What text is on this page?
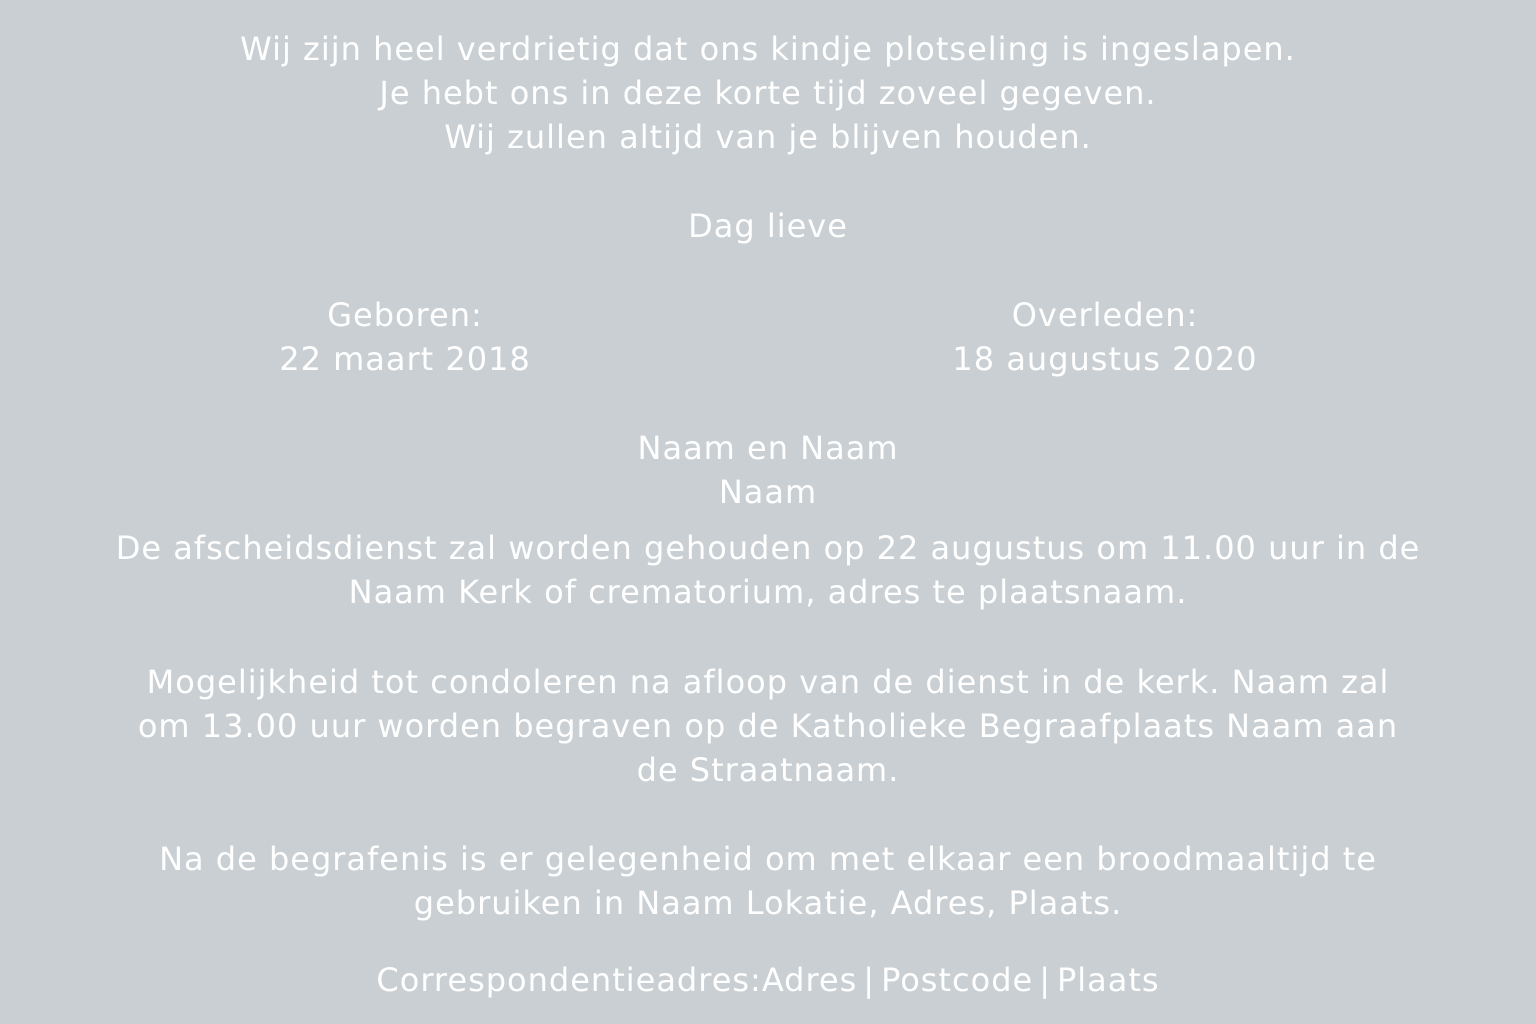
Wij zijn heel verdrietig dat ons kindje plotseling is ingeslapen.
Je hebt ons in deze korte tijd zoveel gegeven.
Wij zullen altijd van je blijven houden.
Dag lieve
Geboren:
22 maart 2018
Overleden:
18 augustus 2020
Naam en Naam
Naam
De afscheidsdienst zal worden gehouden op 22 augustus om 11.00 uur in de
Naam Kerk of crematorium, adres te plaatsnaam.
Mogelijkheid tot condoleren na afloop van de dienst in de kerk. Naam zal
om 13.00 uur worden begraven op de Katholieke Begraafplaats Naam aan
de Straatnaam.
Na de begrafenis is er gelegenheid om met elkaar een broodmaaltijd te
gebruiken in Naam Lokatie, Adres, Plaats.
Correspondentieadres:Adres | Postcode | Plaats
